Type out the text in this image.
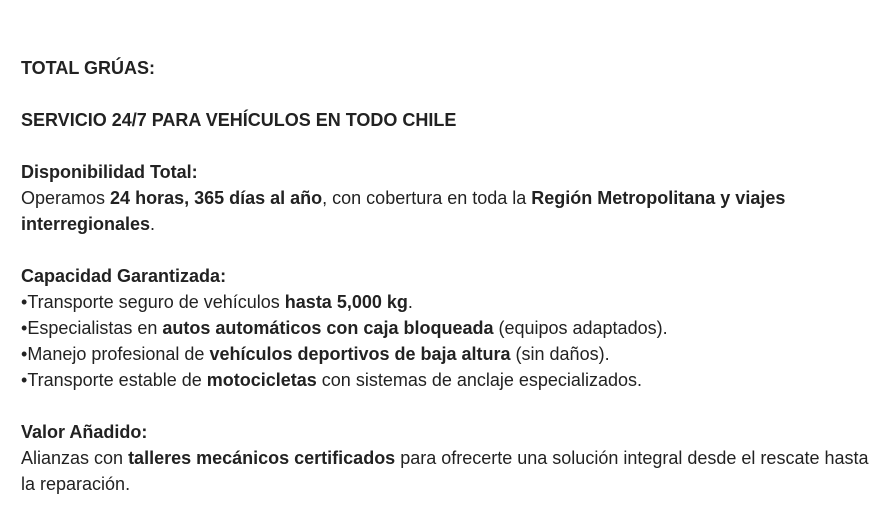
TOTAL GRÚAS:
SERVICIO 24/7 PARA VEHÍCULOS EN TODO CHILE
Disponibilidad Total:
Operamos 24 horas, 365 días al año, con cobertura en toda la Región Metropolitana y viajes interregionales.
Capacidad Garantizada:
•Transporte seguro de vehículos hasta 5,000 kg.
•Especialistas en autos automáticos con caja bloqueada (equipos adaptados).
•Manejo profesional de vehículos deportivos de baja altura (sin daños).
•Transporte estable de motocicletas con sistemas de anclaje especializados.
Valor Añadido:
Alianzas con talleres mecánicos certificados para ofrecerte una solución integral desde el rescate hasta la reparación.
